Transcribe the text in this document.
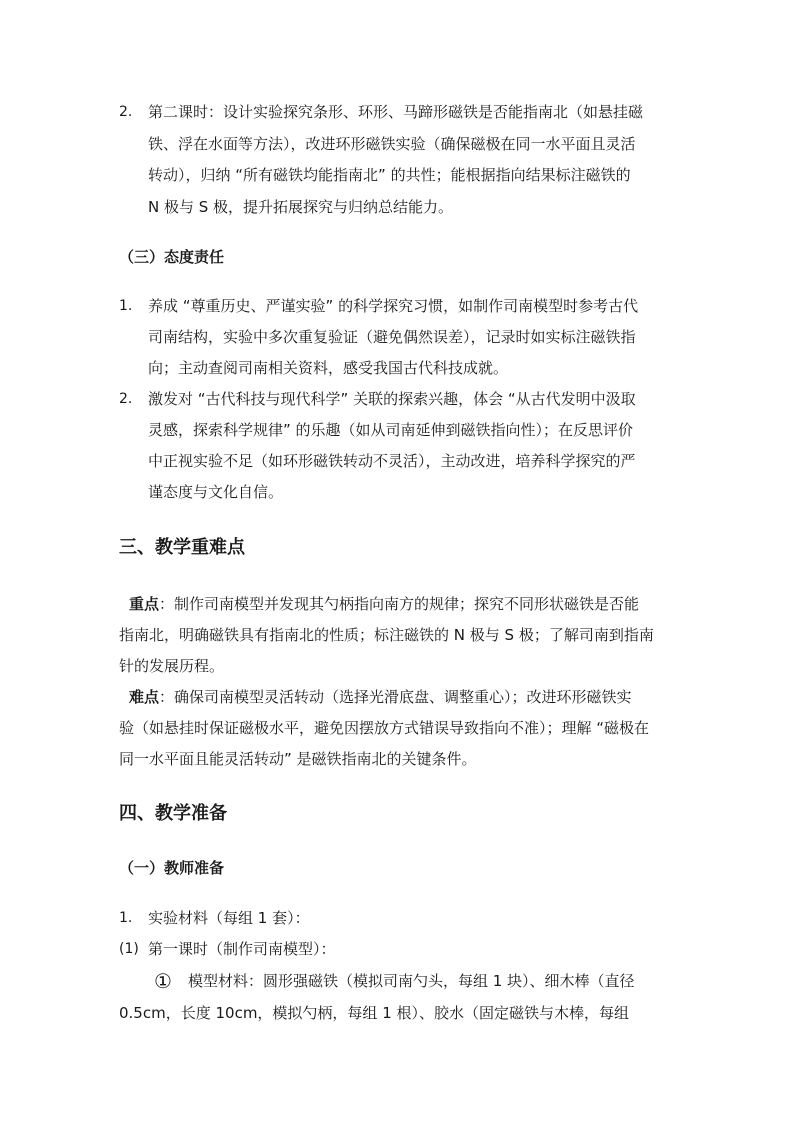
2. 第二课时：设计实验探究条形、环形、马蹄形磁铁是否能指南北（如悬挂磁
铁、浮在水面等方法），改进环形磁铁实验（确保磁极在同一水平面且灵活
转动），归纳 “所有磁铁均能指南北” 的共性；能根据指向结果标注磁铁的
N 极与 S 极，提升拓展探究与归纳总结能力。
（三）态度责任
1. 养成 “尊重历史、严谨实验” 的科学探究习惯，如制作司南模型时参考古代
司南结构，实验中多次重复验证（避免偶然误差），记录时如实标注磁铁指
向；主动查阅司南相关资料，感受我国古代科技成就。
2. 激发对 “古代科技与现代科学” 关联的探索兴趣，体会 “从古代发明中汲取
灵感，探索科学规律” 的乐趣（如从司南延伸到磁铁指向性）；在反思评价
中正视实验不足（如环形磁铁转动不灵活），主动改进，培养科学探究的严
谨态度与文化自信。
三、教学重难点
重点：制作司南模型并发现其勺柄指向南方的规律；探究不同形状磁铁是否能
指南北，明确磁铁具有指南北的性质；标注磁铁的 N 极与 S 极；了解司南到指南
针的发展历程。
难点：确保司南模型灵活转动（选择光滑底盘、调整重心）；改进环形磁铁实
验（如悬挂时保证磁极水平，避免因摆放方式错误导致指向不准）；理解 “磁极在
同一水平面且能灵活转动” 是磁铁指南北的关键条件。
四、教学准备
（一）教师准备
1. 实验材料（每组 1 套）：
(1) 第一课时（制作司南模型）：
① 模型材料：圆形强磁铁（模拟司南勺头，每组 1 块）、细木棒（直径
0.5cm，长度 10cm，模拟勺柄，每组 1 根）、胶水（固定磁铁与木棒，每组
